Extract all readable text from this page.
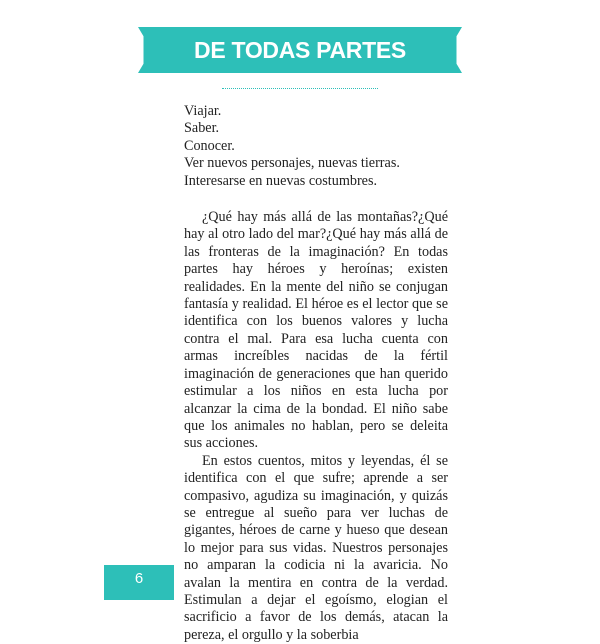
DE TODAS PARTES
Viajar.
Saber.
Conocer.
Ver nuevos personajes, nuevas tierras.
Interesarse en nuevas costumbres.

¿Qué hay más allá de las montañas?¿Qué hay al otro lado del mar?¿Qué hay más allá de las fronteras de la imaginación? En todas partes hay héroes y heroínas; existen realidades. En la mente del niño se conjugan fantasía y realidad. El héroe es el lector que se identifica con los buenos valores y lucha contra el mal. Para esa lucha cuenta con armas increíbles nacidas de la fértil imaginación de generaciones que han querido estimular a los niños en esta lucha por alcanzar la cima de la bondad. El niño sabe que los animales no hablan, pero se deleita sus acciones.

En estos cuentos, mitos y leyendas, él se identifica con el que sufre; aprende a ser compasivo, agudiza su imaginación, y quizás se entregue al sueño para ver luchas de gigantes, héroes de carne y hueso que desean lo mejor para sus vidas. Nuestros personajes no amparan la codicia ni la avaricia. No avalan la mentira en contra de la verdad. Estimulan a dejar el egoísmo, elogian el sacrificio a favor de los demás, atacan la pereza, el orgullo y la soberbia

6
